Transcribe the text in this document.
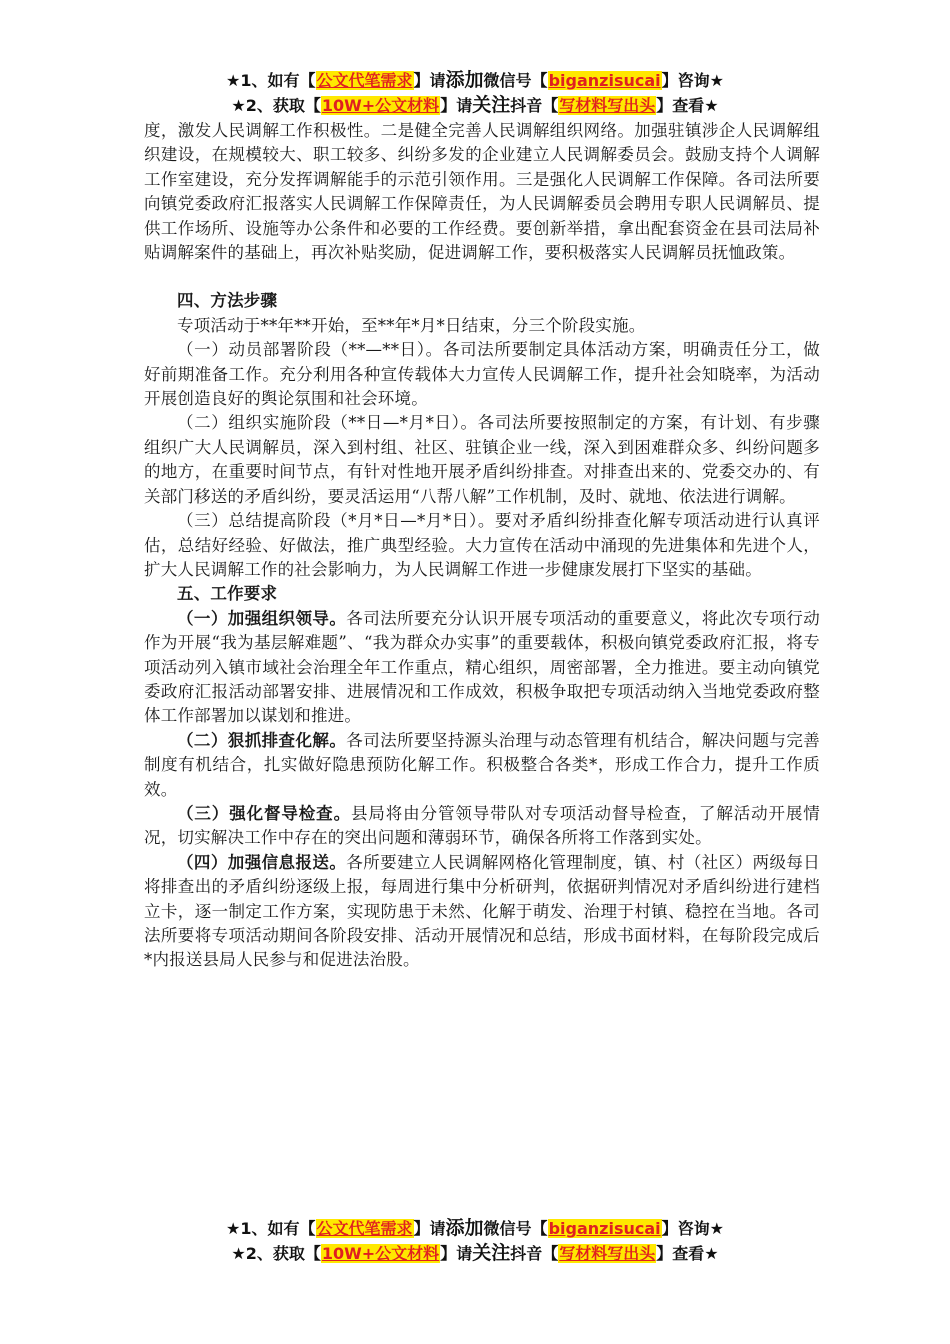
★1、如有【公文代笔需求】请添加微信号【biganzisucai】咨询★
★2、获取【10W+公文材料】请关注抖音【写材料写出头】查看★

度，激发人民调解工作积极性。二是健全完善人民调解组织网络。加强驻镇涉企人民调解组织建设，在规模较大、职工较多、纠纷多发的企业建立人民调解委员会。鼓励支持个人调解工作室建设，充分发挥调解能手的示范引领作用。三是强化人民调解工作保障。各司法所要向镇党委政府汇报落实人民调解工作保障责任，为人民调解委员会聘用专职人民调解员、提供工作场所、设施等办公条件和必要的工作经费。要创新举措，拿出配套资金在县司法局补贴调解案件的基础上，再次补贴奖励，促进调解工作，要积极落实人民调解员抚恤政策。

四、方法步骤

专项活动于**年**开始，至**年*月*日结束，分三个阶段实施。

（一）动员部署阶段（**—**日）。各司法所要制定具体活动方案，明确责任分工，做好前期准备工作。充分利用各种宣传载体大力宣传人民调解工作，提升社会知晓率，为活动开展创造良好的舆论氛围和社会环境。

（二）组织实施阶段（**日—*月*日）。各司法所要按照制定的方案，有计划、有步骤组织广大人民调解员，深入到村组、社区、驻镇企业一线，深入到困难群众多、纠纷问题多的地方，在重要时间节点，有针对性地开展矛盾纠纷排查。对排查出来的、党委交办的、有关部门移送的矛盾纠纷，要灵活运用“八帮八解”工作机制，及时、就地、依法进行调解。

（三）总结提高阶段（*月*日—*月*日）。要对矛盾纠纷排查化解专项活动进行认真评估，总结好经验、好做法，推广典型经验。大力宣传在活动中涌现的先进集体和先进个人，扩大人民调解工作的社会影响力，为人民调解工作进一步健康发展打下坚实的基础。

五、工作要求

（一）加强组织领导。各司法所要充分认识开展专项活动的重要意义，将此次专项行动作为开展“我为基层解难题”、“我为群众办实事”的重要载体，积极向镇党委政府汇报，将专项活动列入镇市域社会治理全年工作重点，精心组织，周密部署，全力推进。要主动向镇党委政府汇报活动部署安排、进展情况和工作成效，积极争取把专项活动纳入当地党委政府整体工作部署加以谋划和推进。

（二）狠抓排查化解。各司法所要坚持源头治理与动态管理有机结合，解决问题与完善制度有机结合，扎实做好隐患预防化解工作。积极整合各类*，形成工作合力，提升工作质效。

（三）强化督导检查。县局将由分管领导带队对专项活动督导检查，了解活动开展情况，切实解决工作中存在的突出问题和薄弱环节，确保各所将工作落到实处。

（四）加强信息报送。各所要建立人民调解网格化管理制度，镇、村（社区）两级每日将排查出的矛盾纠纷逐级上报，每周进行集中分析研判，依据研判情况对矛盾纠纷进行建档立卡，逐一制定工作方案，实现防患于未然、化解于萌发、治理于村镇、稳控在当地。各司法所要将专项活动期间各阶段安排、活动开展情况和总结，形成书面材料，在每阶段完成后*内报送县局人民参与和促进法治股。

★1、如有【公文代笔需求】请添加微信号【biganzisucai】咨询★
★2、获取【10W+公文材料】请关注抖音【写材料写出头】查看★
